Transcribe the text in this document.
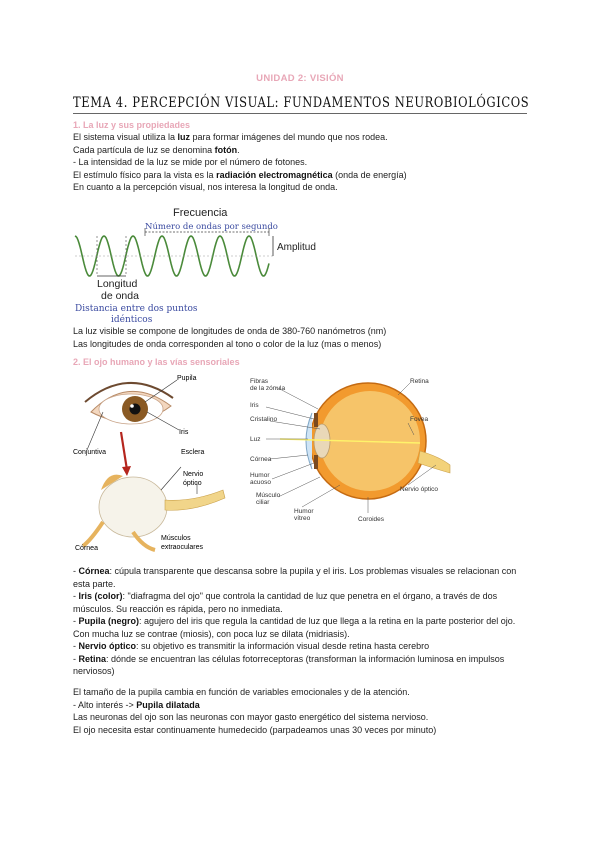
UNIDAD 2: VISIÓN
TEMA 4. PERCEPCIÓN VISUAL: FUNDAMENTOS NEUROBIOLÓGICOS
1. La luz y sus propiedades
El sistema visual utiliza la luz para formar imágenes del mundo que nos rodea.
Cada partícula de luz se denomina fotón.
- La intensidad de la luz se mide por el número de fotones.
El estímulo físico para la vista es la radiación electromagnética (onda de energía)
En cuanto a la percepción visual, nos interesa la longitud de onda.
Frecuencia
Número de ondas por segundo
Amplitud
Longitud
de onda
Distancia entre dos puntos
idénticos
La luz visible se compone de longitudes de onda de 380-760 nanómetros (nm)
Las longitudes de onda corresponden al tono o color de la luz (mas o menos)
2. El ojo humano y las vías sensoriales
Pupila
Iris
Conjuntiva	Esclera
Nervio
óptico
Córnea
Músculos
extraoculares
Fibras
de la zónula
Iris
Cristalino
Luz
Córnea
Humor
acuoso
Músculo
ciliar
Humor
vítreo
Retina
Fovea
Nervio óptico
Coroides
- Córnea: cúpula transparente que descansa sobre la pupila y el iris. Los problemas visuales se relacionan con esta parte.
- Iris (color): "diafragma del ojo" que controla la cantidad de luz que penetra en el órgano, a través de dos músculos. Su reacción es rápida, pero no inmediata.
- Pupila (negro): agujero del iris que regula la cantidad de luz que llega a la retina en la parte posterior del ojo. Con mucha luz se contrae (miosis), con poca luz se dilata (midriasis).
- Nervio óptico: su objetivo es transmitir la información visual desde retina hasta cerebro
- Retina: dónde se encuentran las células fotorreceptoras (transforman la información luminosa en impulsos nerviosos)
El tamaño de la pupila cambia en función de variables emocionales y de la atención.
- Alto interés -> Pupila dilatada
Las neuronas del ojo son las neuronas con mayor gasto energético del sistema nervioso.
El ojo necesita estar continuamente humedecido (parpadeamos unas 30 veces por minuto)
